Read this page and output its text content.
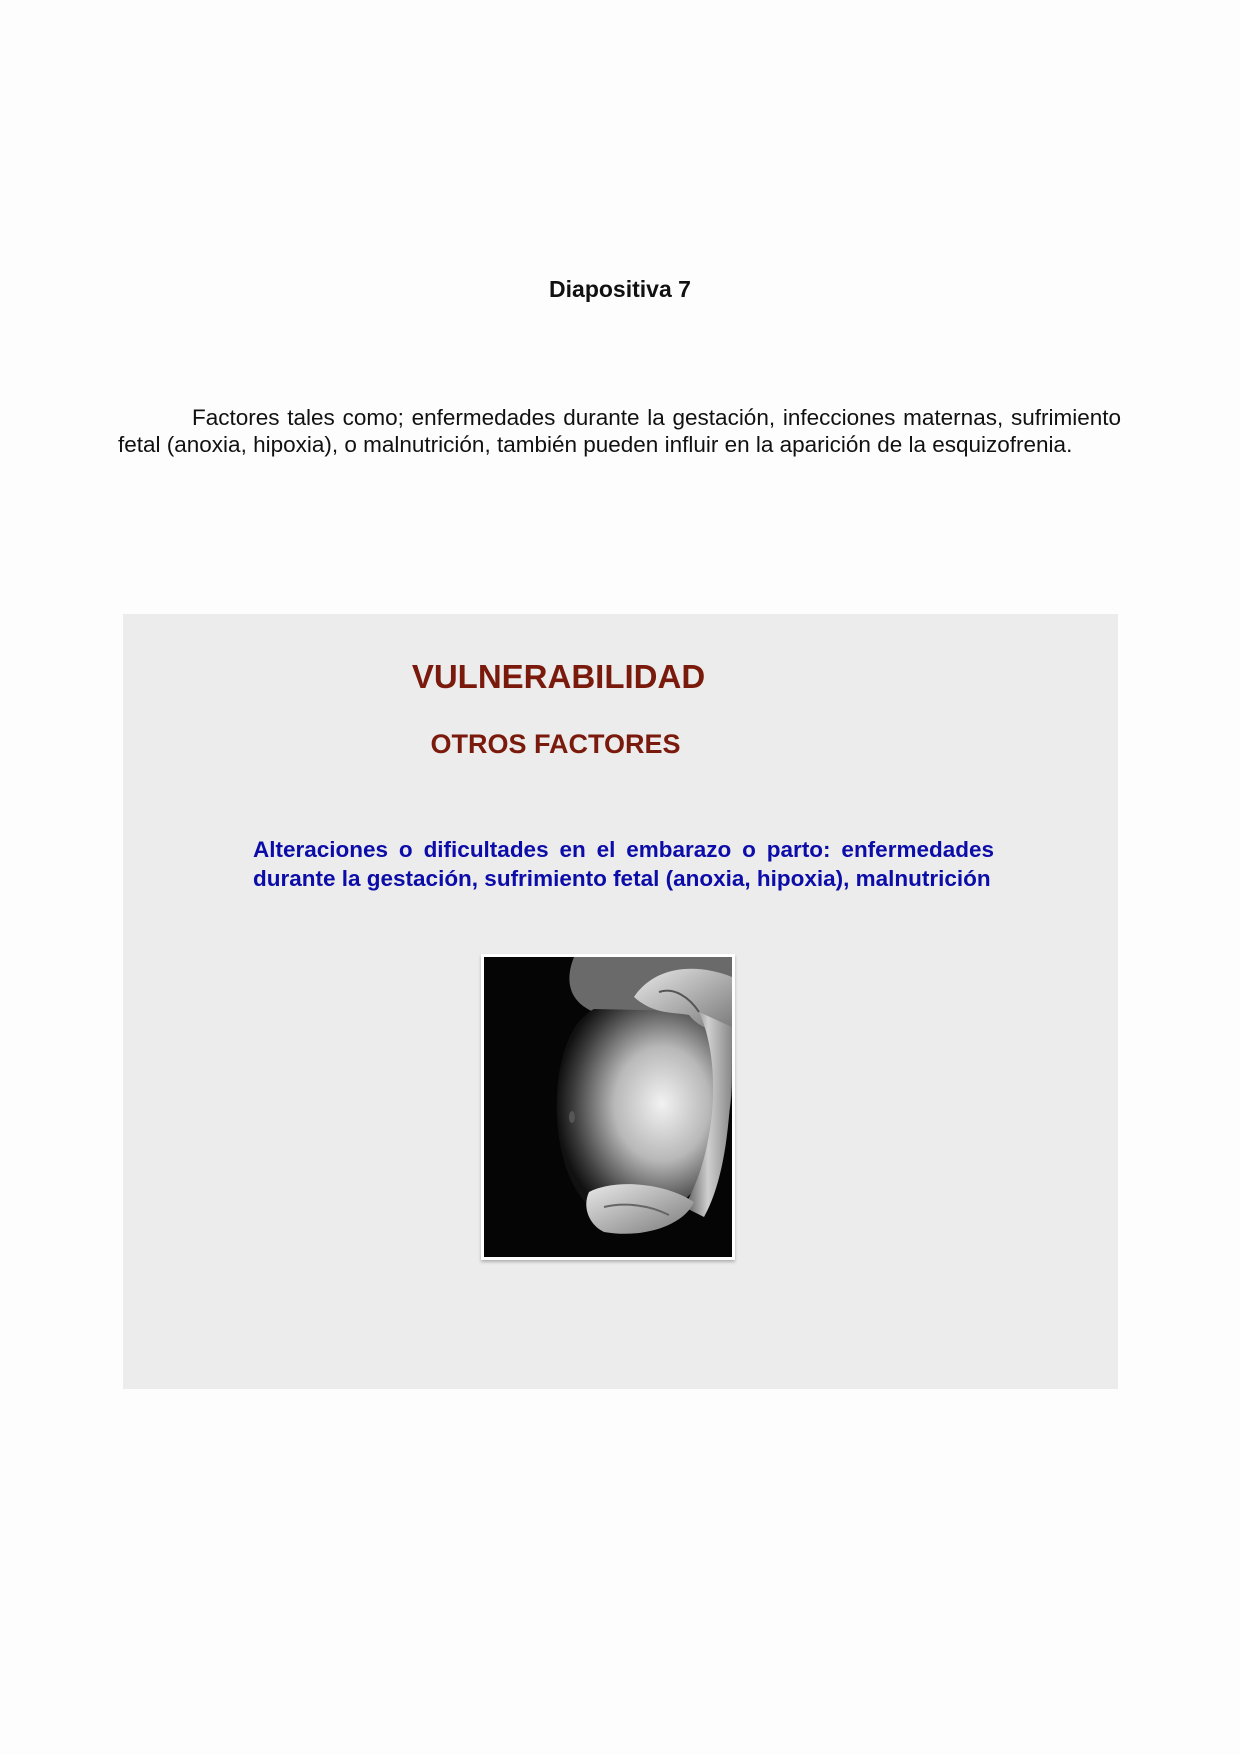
Diapositiva 7

Factores tales como; enfermedades durante la gestación, infecciones maternas, sufrimiento fetal (anoxia, hipoxia), o malnutrición, también pueden influir en la aparición de la esquizofrenia.

VULNERABILIDAD
OTROS FACTORES

Alteraciones o dificultades en el embarazo o parto: enfermedades durante la gestación, sufrimiento fetal (anoxia, hipoxia), malnutrición
